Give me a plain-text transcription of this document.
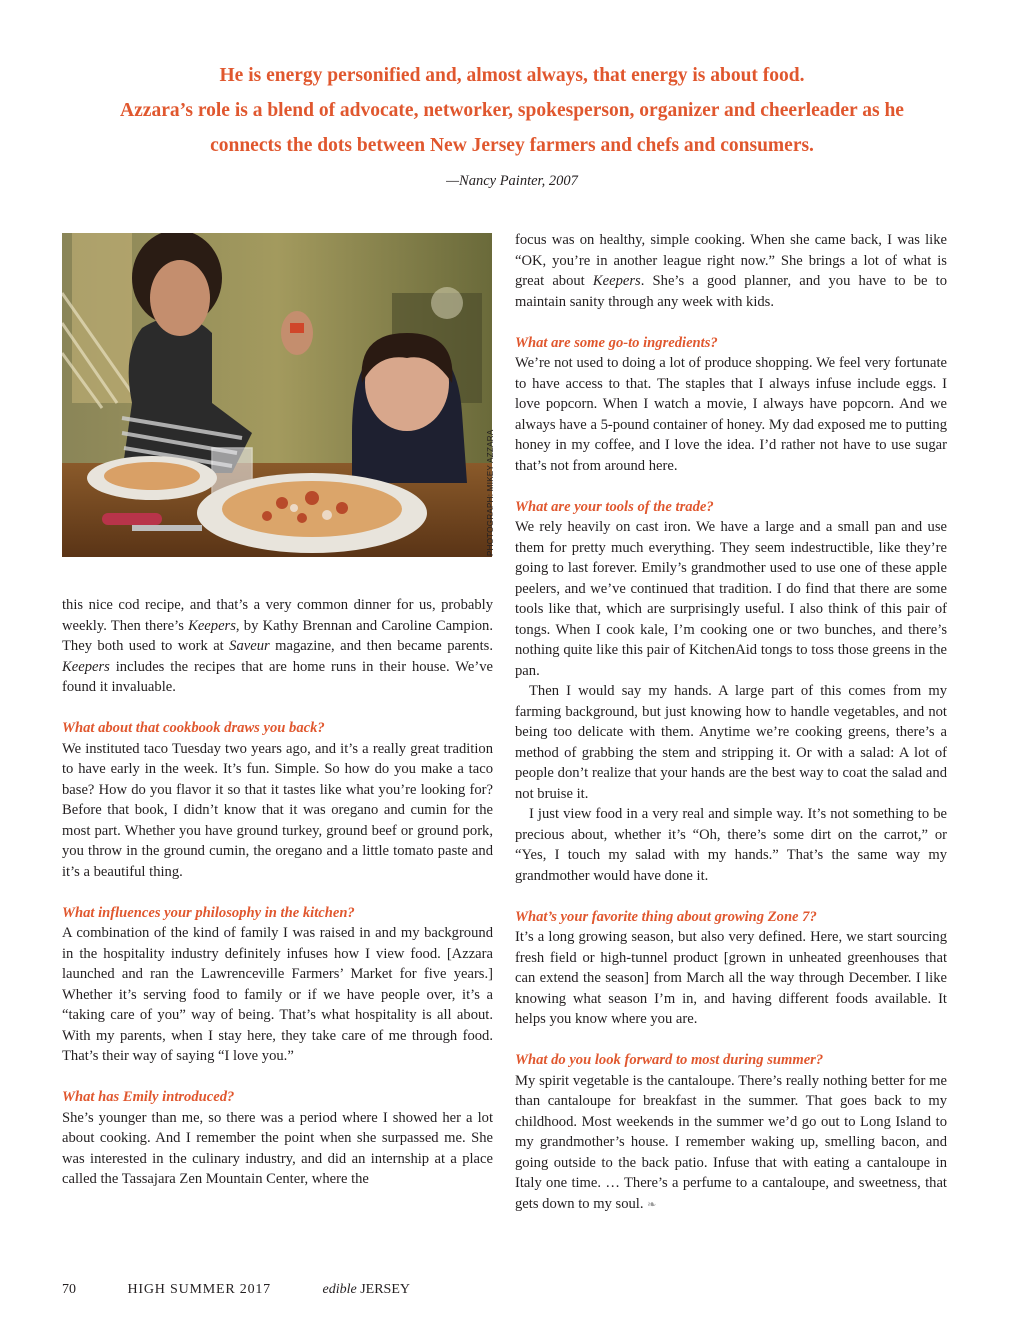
He is energy personified and, almost always, that energy is about food.
Azzara’s role is a blend of advocate, networker, spokesperson, organizer and cheerleader as he
connects the dots between New Jersey farmers and chefs and consumers.
—Nancy Painter, 2007
PHOTOGRAPH: MIKEY AZZARA

this nice cod recipe, and that’s a very common dinner for us, probably weekly. Then there’s Keepers, by Kathy Brennan and Caroline Campion. They both used to work at Saveur magazine, and then became parents. Keepers includes the recipes that are home runs in their house. We’ve found it invaluable.

What about that cookbook draws you back?

We instituted taco Tuesday two years ago, and it’s a really great tradition to have early in the week. It’s fun. Simple. So how do you make a taco base? How do you flavor it so that it tastes like what you’re looking for? Before that book, I didn’t know that it was oregano and cumin for the most part. Whether you have ground turkey, ground beef or ground pork, you throw in the ground cumin, the oregano and a little tomato paste and it’s a beautiful thing.

What influences your philosophy in the kitchen?

A combination of the kind of family I was raised in and my background in the hospitality industry definitely infuses how I view food. [Azzara launched and ran the Lawrenceville Farmers’ Market for five years.] Whether it’s serving food to family or if we have people over, it’s a “taking care of you” way of being. That’s what hospitality is all about. With my parents, when I stay here, they take care of me through food. That’s their way of saying “I love you.”

What has Emily introduced?

She’s younger than me, so there was a period where I showed her a lot about cooking. And I remember the point when she surpassed me. She was interested in the culinary industry, and did an internship at a place called the Tassajara Zen Mountain Center, where the

focus was on healthy, simple cooking. When she came back, I was like “OK, you’re in another league right now.” She brings a lot of what is great about Keepers. She’s a good planner, and you have to be to maintain sanity through any week with kids.

What are some go-to ingredients?

We’re not used to doing a lot of produce shopping. We feel very fortunate to have access to that. The staples that I always infuse include eggs. I love popcorn. When I watch a movie, I always have popcorn. And we always have a 5-pound container of honey. My dad exposed me to putting honey in my coffee, and I love the idea. I’d rather not have to use sugar that’s not from around here.

What are your tools of the trade?

We rely heavily on cast iron. We have a large and a small pan and use them for pretty much everything. They seem indestructible, like they’re going to last forever. Emily’s grandmother used to use one of these apple peelers, and we’ve continued that tradition. I do find that there are some tools like that, which are surprisingly useful. I also think of this pair of tongs. When I cook kale, I’m cooking one or two bunches, and there’s nothing quite like this pair of KitchenAid tongs to toss those greens in the pan.

Then I would say my hands. A large part of this comes from my farming background, but just knowing how to handle vegetables, and not being too delicate with them. Anytime we’re cooking greens, there’s a method of grabbing the stem and stripping it. Or with a salad: A lot of people don’t realize that your hands are the best way to coat the salad and not bruise it.

I just view food in a very real and simple way. It’s not something to be precious about, whether it’s “Oh, there’s some dirt on the carrot,” or “Yes, I touch my salad with my hands.” That’s the same way my grandmother would have done it.

What’s your favorite thing about growing Zone 7?

It’s a long growing season, but also very defined. Here, we start sourcing fresh field or high-tunnel product [grown in unheated greenhouses that can extend the season] from March all the way through December. I like knowing what season I’m in, and having different foods available. It helps you know where you are.

What do you look forward to most during summer?

My spirit vegetable is the cantaloupe. There’s really nothing better for me than cantaloupe for breakfast in the summer. That goes back to my childhood. Most weekends in the summer we’d go out to Long Island to my grandmother’s house. I remember waking up, smelling bacon, and going outside to the back patio. Infuse that with eating a cantaloupe in Italy one time. … There’s a perfume to a cantaloupe, and sweetness, that gets down to my soul. ❧

70	HIGH SUMMER 2017	edible JERSEY
